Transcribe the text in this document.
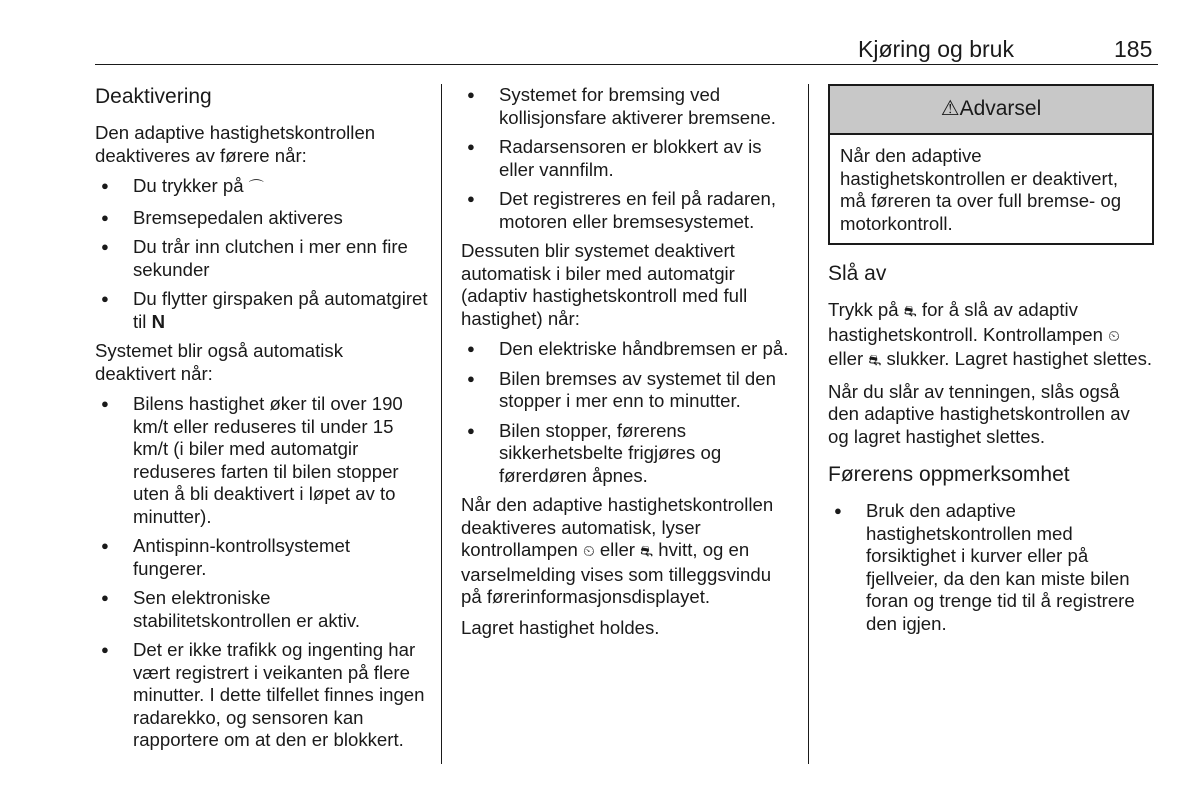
Kjøring og bruk	185
Deaktivering

Den adaptive hastighetskontrollen deaktiveres av førere når:

● Du trykker på ⌒
● Bremsepedalen aktiveres
● Du trår inn clutchen i mer enn fire sekunder
● Du flytter girspaken på automatgiret til N

Systemet blir også automatisk deaktivert når:

● Bilens hastighet øker til over 190 km/t eller reduseres til under 15 km/t (i biler med automatgir reduseres farten til bilen stopper uten å bli deaktivert i løpet av to minutter).
● Antispinn-kontrollsystemet fungerer.
● Sen elektroniske stabilitetskontrollen er aktiv.
● Det er ikke trafikk og ingenting har vært registrert i veikanten på flere minutter. I dette tilfellet finnes ingen radarekko, og sensoren kan rapportere om at den er blokkert.
● Systemet for bremsing ved kollisjonsfare aktiverer bremsene.
● Radarsensoren er blokkert av is eller vannfilm.
● Det registreres en feil på radaren, motoren eller bremsesystemet.

Dessuten blir systemet deaktivert automatisk i biler med automatgir (adaptiv hastighetskontroll med full hastighet) når:

● Den elektriske håndbremsen er på.
● Bilen bremses av systemet til den stopper i mer enn to minutter.
● Bilen stopper, førerens sikkerhetsbelte frigjøres og førerdøren åpnes.

Når den adaptive hastighetskontrollen deaktiveres automatisk, lyser kontrollampen ⏲ eller ⛐ hvitt, og en varselmelding vises som tilleggsvindu på førerinformasjonsdisplayet.

Lagret hastighet holdes.

⚠Advarsel
Når den adaptive hastighetskontrollen er deaktivert, må føreren ta over full bremse- og motorkontroll.
Slå av

Trykk på ⛐ for å slå av adaptiv hastighetskontroll. Kontrollampen ⏲ eller ⛐ slukker. Lagret hastighet slettes.

Når du slår av tenningen, slås også den adaptive hastighetskontrollen av og lagret hastighet slettes.

Førerens oppmerksomhet
● Bruk den adaptive hastighetskontrollen med forsiktighet i kurver eller på fjellveier, da den kan miste bilen foran og trenge tid til å registrere den igjen.
